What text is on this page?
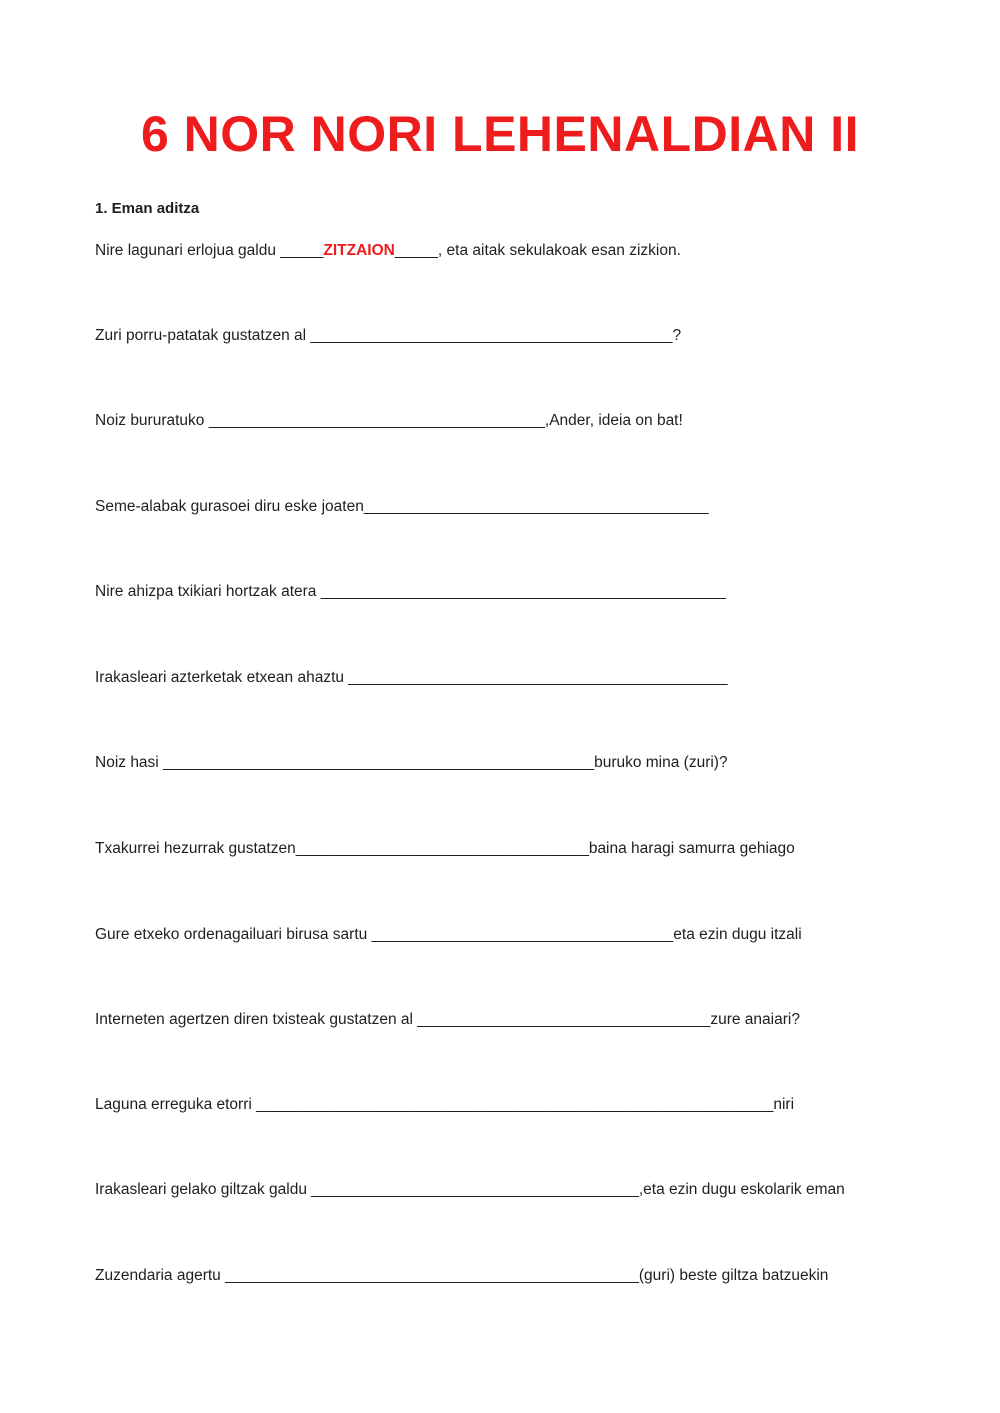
6 NOR NORI LEHENALDIAN II
1. Eman aditza
Nire lagunari erlojua galdu _____ZITZAION_____, eta aitak sekulakoak esan zizkion.
Zuri porru-patatak gustatzen al __________________________________________?
Noiz bururatuko _______________________________________,Ander, ideia on bat!
Seme-alabak gurasoei diru eske joaten________________________________________
Nire ahizpa txikiari hortzak atera _______________________________________________
Irakasleari azterketak etxean ahaztu ____________________________________________
Noiz hasi __________________________________________________buruko mina (zuri)?
Txakurrei hezurrak gustatzen__________________________________baina haragi samurra gehiago
Gure etxeko ordenagailuari birusa sartu ___________________________________eta ezin dugu itzali
Interneten agertzen diren txisteak gustatzen al __________________________________zure anaiari?
Laguna erreguka etorri ____________________________________________________________niri
Irakasleari gelako giltzak galdu ______________________________________,eta ezin dugu eskolarik eman
Zuzendaria agertu ________________________________________________(guri) beste giltza batzuekin
